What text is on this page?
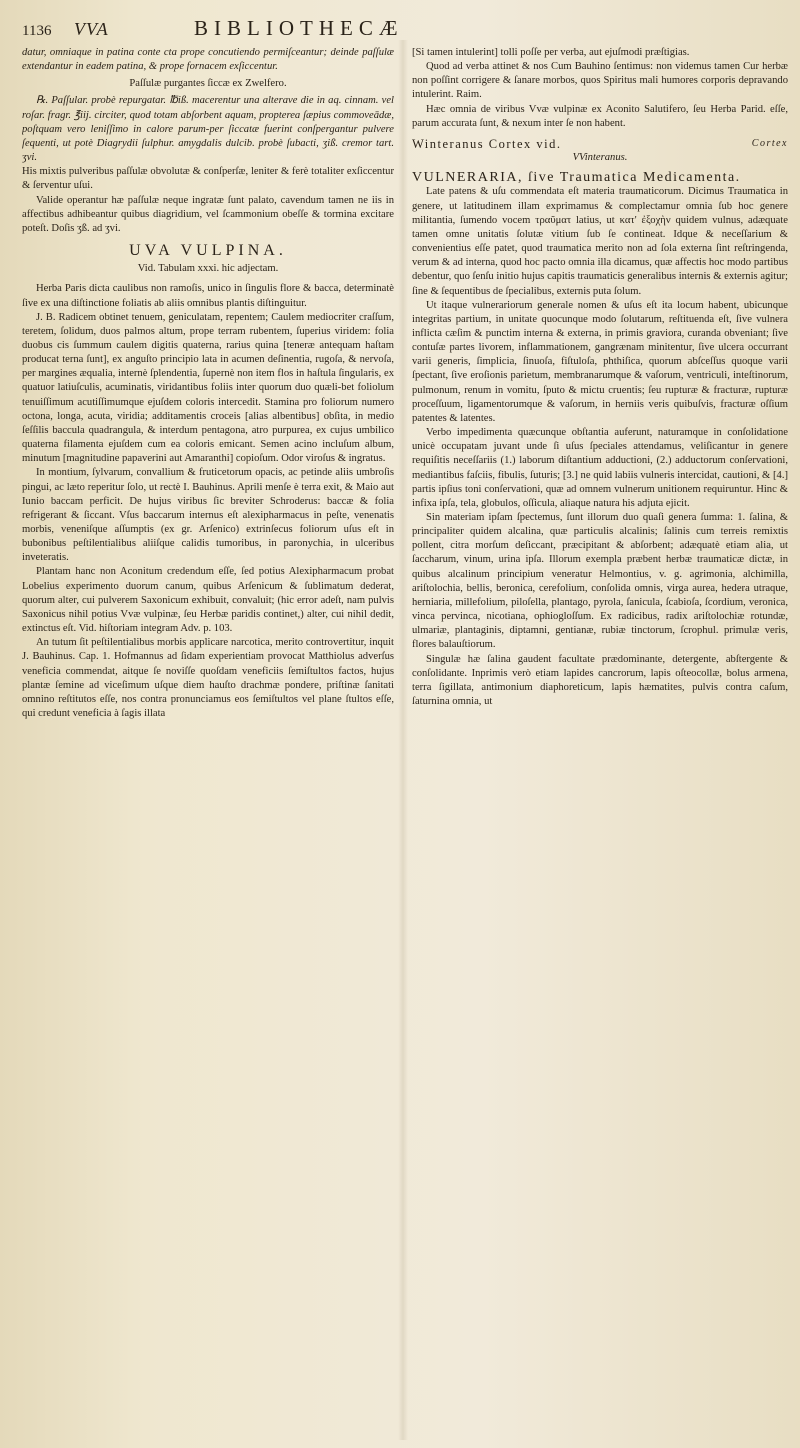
1136	VVA	BIBLIOTHECÆ

datur, omniaque in patina conte cta prope concutiendo permiſceantur; deinde paſſulæ extendantur in eadem patina, & prope fornacem exſiccentur.

Paſſulæ purgantes ſiccæ ex Zwelfero.

℞. Paſſular. probè repurgatar. ℔iß. macerentur una alterave die in aq. cinnam. vel roſar. fragr. ℥iij. circiter, quod totam abſorbent aquam, propterea ſæpius commoveādæ, poſtquam vero leniſſimo in calore parum-per ſiccatæ fuerint conſpergantur pulvere ſequenti, ut potè Diagrydii ſulphur. amygdalis dulcib. probè ſubacti, ʒiß. cremor tart. ʒvi.

His mixtis pulveribus paſſulæ obvolutæ & conſperſæ, leniter & ferè totaliter exſiccentur & ſerventur uſui.

Valide operantur hæ paſſulæ neque ingratæ ſunt palato, cavendum tamen ne iis in affectibus adhibeantur quibus diagridium, vel ſcammonium obeſſe & tormina excitare poteſt. Doſis ʒß. ad ʒvi.

UVA VULPINA.
Vid. Tabulam xxxi. hic adjectam.

Herba Paris dicta caulibus non ramoſis, unico in ſingulis flore & bacca, determinatè ſive ex una diſtinctione foliatis ab aliis omnibus plantis diſtinguitur.

J. B. Radicem obtinet tenuem, geniculatam, repentem; Caulem mediocriter craſſum, teretem, ſolidum, duos palmos altum, prope terram rubentem, ſuperius viridem: folia duobus cis ſummum caulem digitis quaterna, rarius quina [teneræ antequam haſtam producat terna ſunt], ex anguſto principio lata in acumen deſinentia, rugoſa, & nervoſa, per margines æqualia, internè ſplendentia, ſupernè non item flos in haſtula ſingularis, ex quatuor latiuſculis, acuminatis, viridantibus foliis inter quorum duo quæli-bet foliolum tenuiſſimum acutiſſimumque ejuſdem coloris intercedit. Stamina pro foliorum numero octona, longa, acuta, viridia; additamentis croceis [alias albentibus] obſita, in medio ſeſſilis baccula quadrangula, & interdum pentagona, atro purpurea, ex cujus umbilico quaterna filamenta ejuſdem cum ea coloris emicant. Semen acino incluſum album, minutum [magnitudine papaverini aut Amaranthi] copioſum. Odor viroſus & ingratus.

In montium, ſylvarum, convallium & fruticetorum opacis, ac petinde aliis umbroſis pingui, ac læto reperitur ſolo, ut rectè I. Bauhinus. Aprili menſe è terra exit, & Maio aut Iunio baccam perficit. De hujus viribus ſic breviter Schroderus: baccæ & folia refrigerant & ſiccant. Vſus baccarum internus eſt alexipharmacus in peſte, venenatis morbis, veneniſque aſſumptis (ex gr. Arſenico) extrinſecus foliorum uſus eſt in bubonibus peſtilentialibus aliiſque calidis tumoribus, in paronychia, in ulceribus inveteratis.

Plantam hanc non Aconitum credendum eſſe, ſed potius Alexipharmacum probat Lobelius experimento duorum canum, quibus Arſenicum & ſublimatum dederat, quorum alter, cui pulverem Saxonicum exhibuit, convaluit; (hic error adeſt, nam pulvis Saxonicus nihil potius Vvæ vulpinæ, ſeu Herbæ paridis continet,) alter, cui nihil dedit, extinctus eſt. Vid. hiſtoriam integram Adv. p. 103.

An tutum ſit peſtilentialibus morbis applicare narcotica, merito controvertitur, inquit J. Bauhinus. Cap. 1. Hofmannus ad ſidam experientiam provocat Matthiolus adverſus veneficia commendat, aitque ſe noviſſe quoſdam veneficiis ſemiſtultos factos, hujus plantæ ſemine ad viceſimum uſque diem hauſto drachmæ pondere, priſtinæ ſanitati omnino reſtitutos eſſe, nos contra pronunciamus eos ſemiſtultos vel plane ſtultos eſſe, qui credunt veneficia à ſagis illata

[Si tamen intulerint] tolli poſſe per verba, aut ejuſmodi præſtigias.

Quod ad verba attinet & nos Cum Bauhino ſentimus: non videmus tamen Cur herbæ non poſſint corrigere & ſanare morbos, quos Spiritus mali humores corporis depravando intulerint. Raim.

Hæc omnia de viribus Vvæ vulpinæ ex Aconito Salutifero, ſeu Herba Parid. eſſe, parum accurata ſunt, & nexum inter ſe non habent.

Cortex
Winteranus Cortex vid.
VVinteranus.
VULNERARIA, ſive Traumatica Medicamenta.

Late patens & uſu commendata eſt materia traumaticorum. Dicimus Traumatica in genere, ut latitudinem illam exprimamus & complectamur omnia ſub hoc genere militantia, ſumendo vocem τραῦματ latius, ut κατ' ἐξοχὴν quidem vulnus, adæquate tamen omne unitatis ſolutæ vitium ſub ſe contineat. Idque & neceſſarium & convenientius eſſe patet, quod traumatica merito non ad ſola externa ſint reſtringenda, verum & ad interna, quod hoc pacto omnia illa dicamus, quæ affectis hoc modo partibus debentur, quo ſenſu initio hujus capitis traumaticis generalibus internis & externis agitur; ſine & ſequentibus de ſpecialibus, externis puta ſolum.

Ut itaque vulnerariorum generale nomen & uſus eſt ita locum habent, ubicunque integritas partium, in unitate quocunque modo ſolutarum, reſtituenda eſt, ſive vulnera inflicta cæſim & punctim interna & externa, in primis graviora, curanda obveniant; ſive contuſæ partes livorem, inflammationem, gangrænam minitentur, ſive ulcera occurrant varii generis, ſimplicia, ſinuoſa, fiſtuloſa, phthiſica, quorum abſceſſus quoque varii ſpectant, ſive eroſionis parietum, membranarumque & vaſorum, ventriculi, inteſtinorum, pulmonum, renum in vomitu, ſputo & mictu cruentis; ſeu rupturæ & fracturæ, rupturæ proceſſuum, ligamentorumque & vaſorum, in herniis veris quibuſvis, fracturæ oſſium patentes & latentes.

Verbo impedimenta quæcunque obſtantia auferunt, naturamque in conſolidatione unicè occupatam juvant unde ſi uſus ſpeciales attendamus, veliſicantur in genere requiſitis neceſſariis (1.) laborum diſtantium adductioni, (2.) adductorum conſervationi, mediantibus faſciis, fibulis, ſuturis; [3.] ne quid labiis vulneris intercidat, cautioni, & [4.] partis ipſius toni conſervationi, quæ ad omnem vulnerum unitionem requiruntur. Hinc & infixa ipſa, tela, globulos, oſſicula, aliaque natura his adjuta ejicit.

Sin materiam ipſam ſpectemus, ſunt illorum duo quaſi genera ſumma: 1. ſalina, & principaliter quidem alcalina, quæ particulis alcalinis; ſalinis cum terreis remixtis pollent, citra morſum deſiccant, præcipitant & abſorbent; adæquatè etiam alia, ut ſaccharum, vinum, urina ipſa. Illorum exempla præbent herbæ traumaticæ dictæ, in quibus alcalinum principium veneratur Helmontius, v. g. agrimonia, alchimilla, ariſtolochia, bellis, beronica, cerefolium, conſolida omnis, virga aurea, hedera utraque, herniaria, millefolium, piloſella, plantago, pyrola, ſanicula, ſcabioſa, ſcordium, veronica, vinca pervinca, nicotiana, ophiogloſſum. Ex radicibus, radix ariſtolochiæ rotundæ, ulmariæ, plantaginis, diptamni, gentianæ, rubiæ tinctorum, ſcrophul. primulæ veris, flores balauſtiorum.

Singulæ hæ ſalina gaudent facultate prædominante, detergente, abſtergente & conſolidante. Inprimis verò etiam lapides cancrorum, lapis oſteocollæ, bolus armena, terra ſigillata, antimonium diaphoreticum, lapis hæmatites, pulvis contra caſum, ſaturnina omnia, ut
